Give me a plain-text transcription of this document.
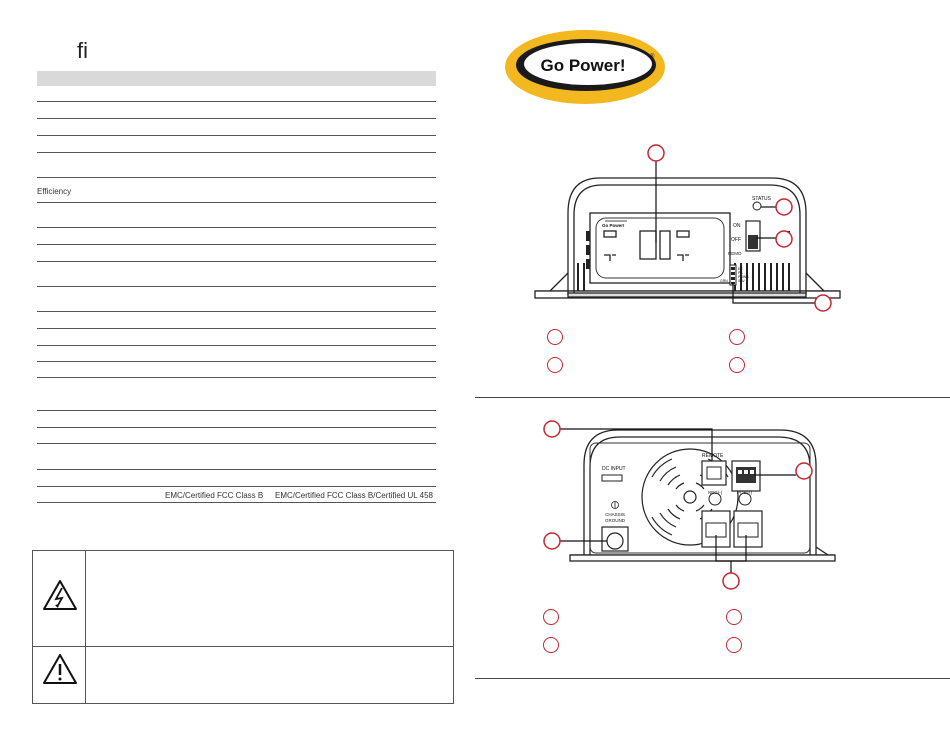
ﬁ
Efficiency
EMC/Certified FCC Class B EMC/Certified FCC Class B/Certified UL 458
Go Power!	®
Go Power!
STATUS
ON
OFF
REMO
EC
PS
POWS
SAV
GRN
DC INPUT
CHASSIS
GROUND
REMOTE
NEG(-)	POS(+)
